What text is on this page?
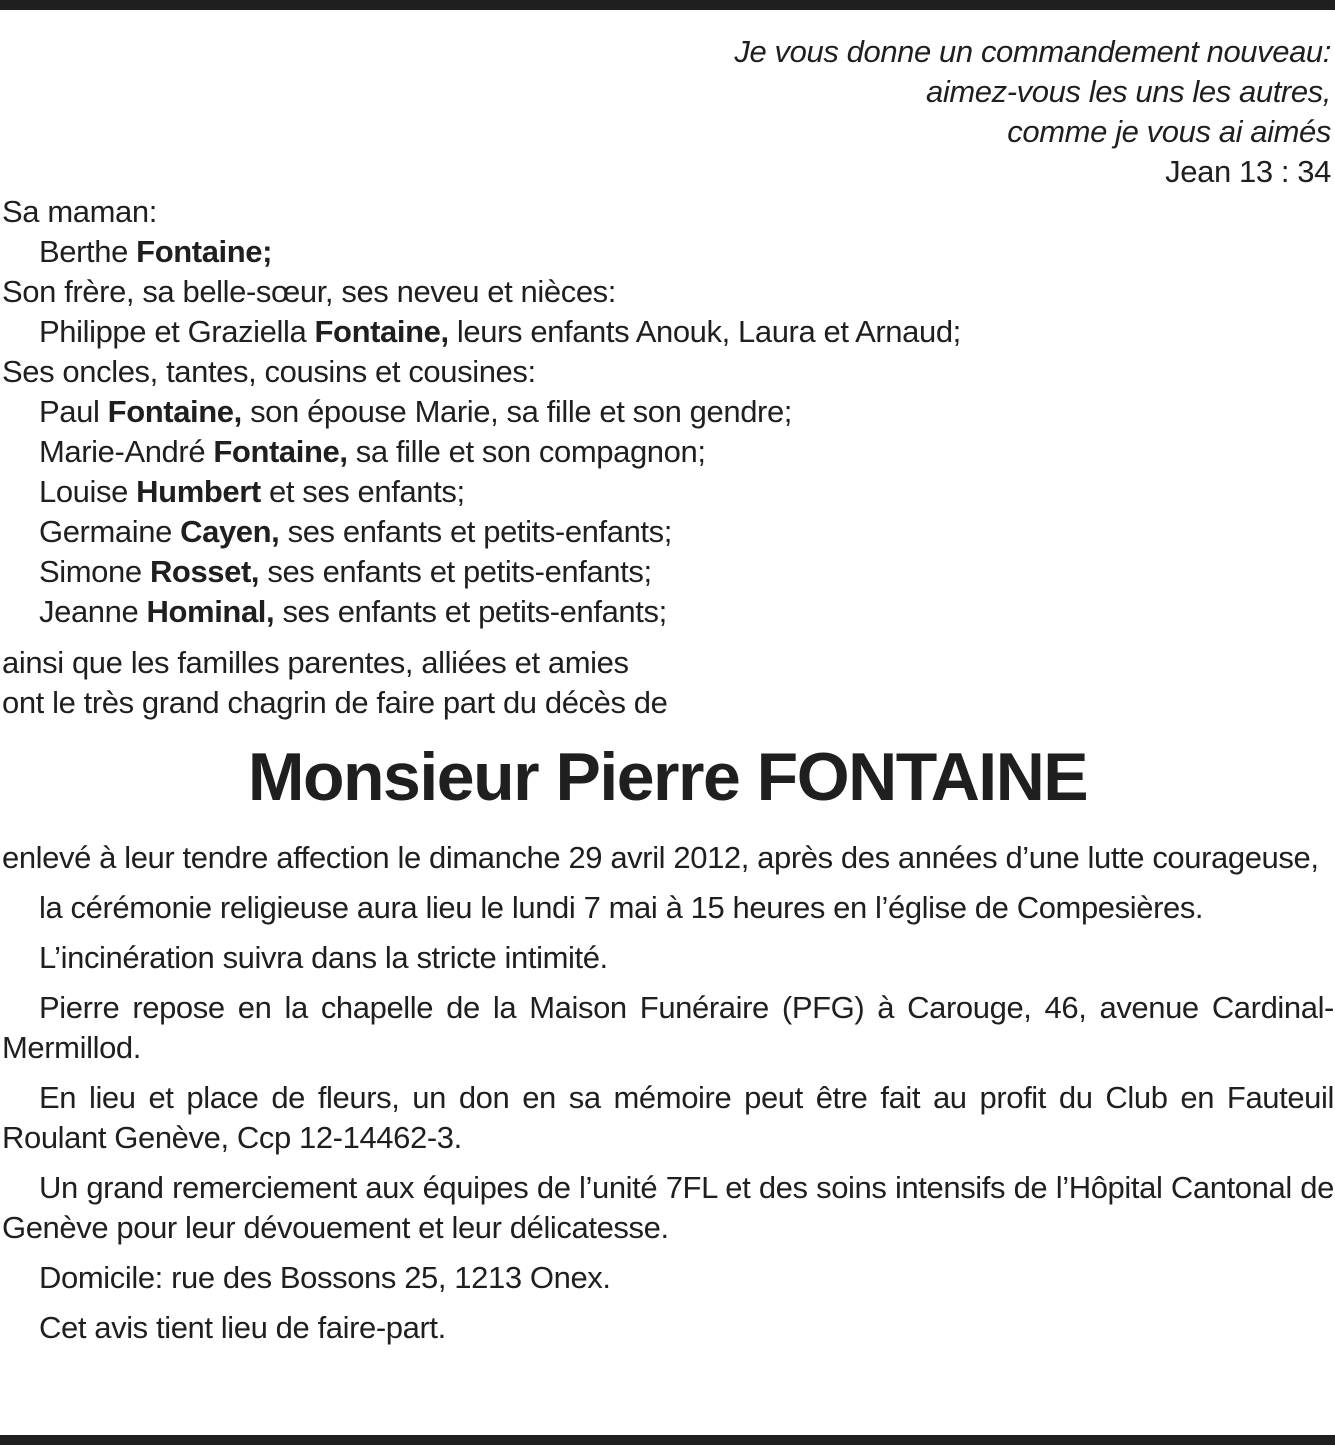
Je vous donne un commandement nouveau:
aimez-vous les uns les autres,
comme je vous ai aimés
Jean 13 : 34
Sa maman:
Berthe Fontaine;
Son frère, sa belle-sœur, ses neveu et nièces:
Philippe et Graziella Fontaine, leurs enfants Anouk, Laura et Arnaud;
Ses oncles, tantes, cousins et cousines:
Paul Fontaine, son épouse Marie, sa fille et son gendre;
Marie-André Fontaine, sa fille et son compagnon;
Louise Humbert et ses enfants;
Germaine Cayen, ses enfants et petits-enfants;
Simone Rosset, ses enfants et petits-enfants;
Jeanne Hominal, ses enfants et petits-enfants;
ainsi que les familles parentes, alliées et amies
ont le très grand chagrin de faire part du décès de
Monsieur Pierre FONTAINE
enlevé à leur tendre affection le dimanche 29 avril 2012, après des années d’une lutte courageuse,
la cérémonie religieuse aura lieu le lundi 7 mai à 15 heures en l’église de Compesières.
L’incinération suivra dans la stricte intimité.
Pierre repose en la chapelle de la Maison Funéraire (PFG) à Carouge, 46, avenue Cardinal-Mermillod.
En lieu et place de fleurs, un don en sa mémoire peut être fait au profit du Club en Fauteuil Roulant Genève, Ccp 12-14462-3.
Un grand remerciement aux équipes de l’unité 7FL et des soins intensifs de l’Hôpital Cantonal de Genève pour leur dévouement et leur délicatesse.
Domicile: rue des Bossons 25, 1213 Onex.
Cet avis tient lieu de faire-part.
